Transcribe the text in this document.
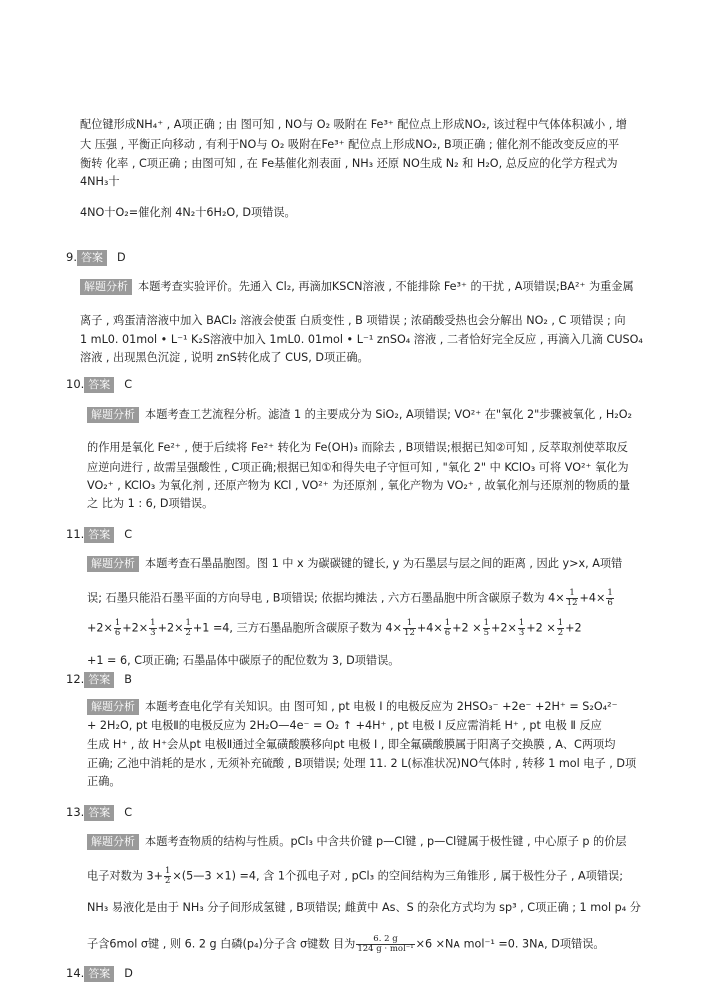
配位键形成NH₄⁺ , A项正确 ; 由 图可知 , NO与 O₂ 吸附在 Fe³⁺ 配位点上形成NO₂, 该过程中气体体积减小 , 增
大 压强 , 平衡正向移动 , 有利于NO与 O₂ 吸附在Fe³⁺ 配位点上形成NO₂, B项正确 ; 催化剂不能改变反应的平
衡转 化率 , C项正确 ; 由图可知 , 在 Fe基催化剂表面 , NH₃ 还原 NO生成 N₂ 和 H₂O, 总反应的化学方程式为
4NH₃十
4NO十O₂=催化剂 4N₂十6H₂O, D项错误。
9. 答案 D
解题分析 本题考查实验评价。先通入 Cl₂, 再滴加KSCN溶液 , 不能排除 Fe³⁺ 的干扰 , A项错误;BA²⁺ 为重金属
离子 , 鸡蛋清溶液中加入 BACl₂ 溶液会使蛋 白质变性 , B 项错误 ; 浓硝酸受热也会分解出 NO₂ , C 项错误 ; 向
1 mL0. 01mol • L⁻¹ K₂S溶液中加入 1mL0. 01mol • L⁻¹ znSO₄ 溶液 , 二者恰好完全反应 , 再滴入几滴 CUSO₄
溶液 , 出现黑色沉淀 , 说明 znS转化成了 CUS, D项正确。
10. 答案 C
解题分析 本题考查工艺流程分析。滤渣 1 的主要成分为 SiO₂, A项错误; VO²⁺ 在"氧化 2"步骤被氧化 , H₂O₂
的作用是氧化 Fe²⁺ , 便于后续将 Fe²⁺ 转化为 Fe(OH)₃ 而除去 , B项错误;根据已知②可知 , 反萃取剂使萃取反
应逆向进行 , 故需呈强酸性 , C项正确;根据已知①和得失电子守恒可知 , "氧化 2" 中 KClO₃ 可将 VO²⁺ 氧化为
VO₂⁺ , KClO₃ 为氧化剂 , 还原产物为 KCl , VO²⁺ 为还原剂 , 氧化产物为 VO₂⁺ , 故氧化剂与还原剂的物质的量
之 比为 1 : 6, D项错误。
11. 答案 C
解题分析 本题考查石墨晶胞图。图 1 中 x 为碳碳键的键长, y 为石墨层与层之间的距离 , 因此 y>x, A项错
误; 石墨只能沿石墨平面的方向导电 , B项错误; 依据均摊法 , 六方石墨晶胞中所含碳原子数为 $4\times \frac{1}{12} +4\times \frac{1}{6}$
$+2\times \frac{1}{6} +2\times \frac{1}{3} +2\times \frac{1}{2} +1 =4$, 三方石墨晶胞所含碳原子数为 $4\times \frac{1}{12} +4\times \frac{1}{6} +2 \times \frac{1}{5} +2\times \frac{1}{3} +2 \times \frac{1}{2} +2$
+1 = 6, C项正确; 石墨晶体中碳原子的配位数为 3, D项错误。
12. 答案 B
解题分析 本题考查电化学有关知识。由 图可知 , pt 电极 I 的电极反应为 2HSO₃⁻ +2e⁻ +2H⁺ = S₂O₄²⁻
+ 2H₂O, pt 电极Ⅱ的电极反应为 2H₂O—4e⁻ = O₂ ↑ +4H⁺ , pt 电极 I 反应需消耗 H⁺ , pt 电极 Ⅱ 反应
生成 H⁺ , 故 H⁺会从pt 电极Ⅱ通过全氟磺酸膜移向pt 电极 I , 即全氟磺酸膜属于阳离子交换膜 , A、C两项均
正确; 乙池中消耗的是水 , 无须补充硫酸 , B项错误; 处理 11. 2 L(标准状况)NO气体时 , 转移 1 mol 电子 , D项
正确。
13. 答案 C
解题分析 本题考查物质的结构与性质。pCl₃ 中含共价键 p—Cl键 , p—Cl键属于极性键 , 中心原子 p 的价层
电子对数为 $3+ \frac{1}{2}$ ×(5—3 ×1) =4, 含 1个孤电子对 , pCl₃ 的空间结构为三角锥形 , 属于极性分子 , A项错误;
NH₃ 易液化是由于 NH₃ 分子间形成氢键 , B项错误; 雌黄中 As、S 的杂化方式均为 sp³ , C项正确 ; 1 mol p₄ 分
子含6mol σ键 , 则 6. 2 g 白磷(p₄)分子含 σ键数 目为 $\frac{6. 2 g}{\text{124 g · mol⁻¹}} \times 6$ ×Nᴀ mol⁻¹ =0. 3Nᴀ, D项错误。
14. 答案 D
